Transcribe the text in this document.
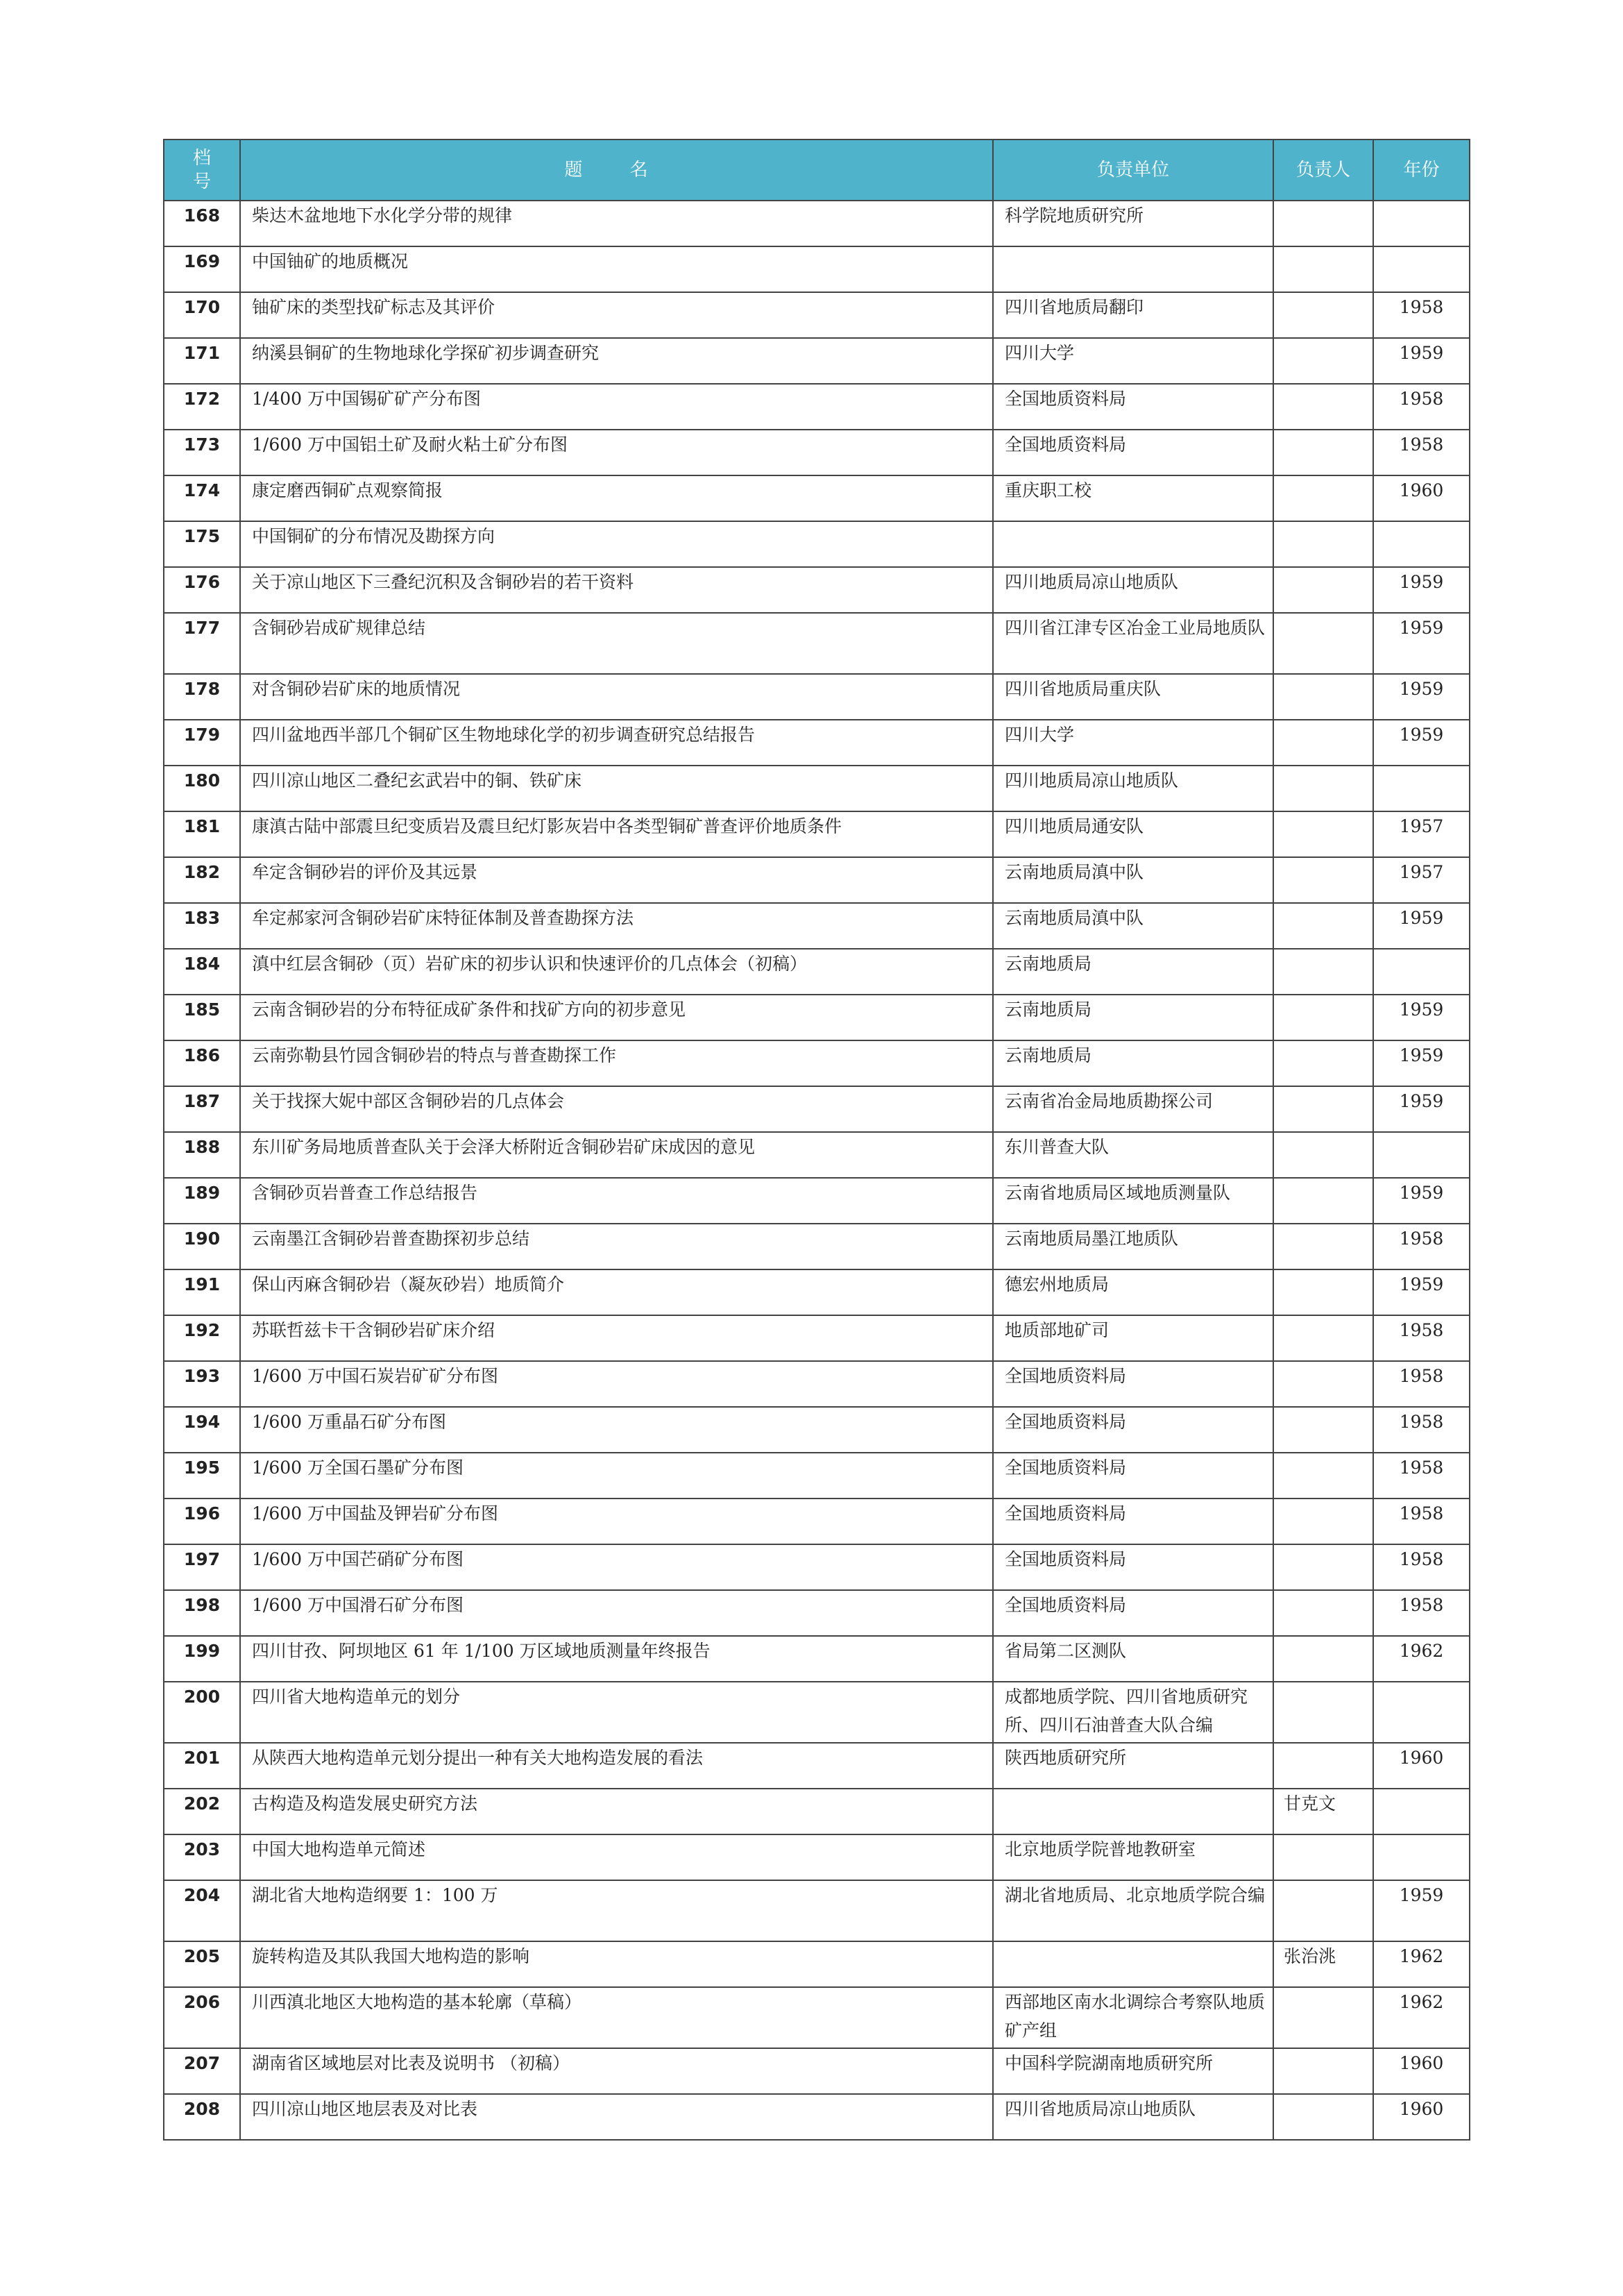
档
号	题 名	负责单位	负责人	年份
168	柴达木盆地地下水化学分带的规律	科学院地质研究所		
169	中国铀矿的地质概况			
170	铀矿床的类型找矿标志及其评价	四川省地质局翻印		1958
171	纳溪县铜矿的生物地球化学探矿初步调查研究	四川大学		1959
172	1/400 万中国锡矿矿产分布图	全国地质资料局		1958
173	1/600 万中国铝土矿及耐火粘土矿分布图	全国地质资料局		1958
174	康定磨西铜矿点观察简报	重庆职工校		1960
175	中国铜矿的分布情况及勘探方向			
176	关于凉山地区下三叠纪沉积及含铜砂岩的若干资料	四川地质局凉山地质队		1959
177	含铜砂岩成矿规律总结	四川省江津专区冶金工业局地质队		1959
178	对含铜砂岩矿床的地质情况	四川省地质局重庆队		1959
179	四川盆地西半部几个铜矿区生物地球化学的初步调查研究总结报告	四川大学		1959
180	四川凉山地区二叠纪玄武岩中的铜、铁矿床	四川地质局凉山地质队		
181	康滇古陆中部震旦纪变质岩及震旦纪灯影灰岩中各类型铜矿普查评价地质条件	四川地质局通安队		1957
182	牟定含铜砂岩的评价及其远景	云南地质局滇中队		1957
183	牟定郝家河含铜砂岩矿床特征体制及普查勘探方法	云南地质局滇中队		1959
184	滇中红层含铜砂（页）岩矿床的初步认识和快速评价的几点体会（初稿）	云南地质局		
185	云南含铜砂岩的分布特征成矿条件和找矿方向的初步意见	云南地质局		1959
186	云南弥勒县竹园含铜砂岩的特点与普查勘探工作	云南地质局		1959
187	关于找探大妮中部区含铜砂岩的几点体会	云南省冶金局地质勘探公司		1959
188	东川矿务局地质普查队关于会泽大桥附近含铜砂岩矿床成因的意见	东川普查大队		
189	含铜砂页岩普查工作总结报告	云南省地质局区域地质测量队		1959
190	云南墨江含铜砂岩普查勘探初步总结	云南地质局墨江地质队		1958
191	保山丙麻含铜砂岩（凝灰砂岩）地质简介	德宏州地质局		1959
192	苏联哲兹卡干含铜砂岩矿床介绍	地质部地矿司		1958
193	1/600 万中国石炭岩矿矿分布图	全国地质资料局		1958
194	1/600 万重晶石矿分布图	全国地质资料局		1958
195	1/600 万全国石墨矿分布图	全国地质资料局		1958
196	1/600 万中国盐及钾岩矿分布图	全国地质资料局		1958
197	1/600 万中国芒硝矿分布图	全国地质资料局		1958
198	1/600 万中国滑石矿分布图	全国地质资料局		1958
199	四川甘孜、阿坝地区 61 年 1/100 万区域地质测量年终报告	省局第二区测队		1962
200	四川省大地构造单元的划分	成都地质学院、四川省地质研究所、四川石油普查大队合编		
201	从陕西大地构造单元划分提出一种有关大地构造发展的看法	陕西地质研究所		1960
202	古构造及构造发展史研究方法		甘克文	
203	中国大地构造单元简述	北京地质学院普地教研室		
204	湖北省大地构造纲要 1：100 万	湖北省地质局、北京地质学院合编		1959
205	旋转构造及其队我国大地构造的影响		张治洮	1962
206	川西滇北地区大地构造的基本轮廓（草稿）	西部地区南水北调综合考察队地质矿产组		1962
207	湖南省区域地层对比表及说明书 （初稿）	中国科学院湖南地质研究所		1960
208	四川凉山地区地层表及对比表	四川省地质局凉山地质队		1960
